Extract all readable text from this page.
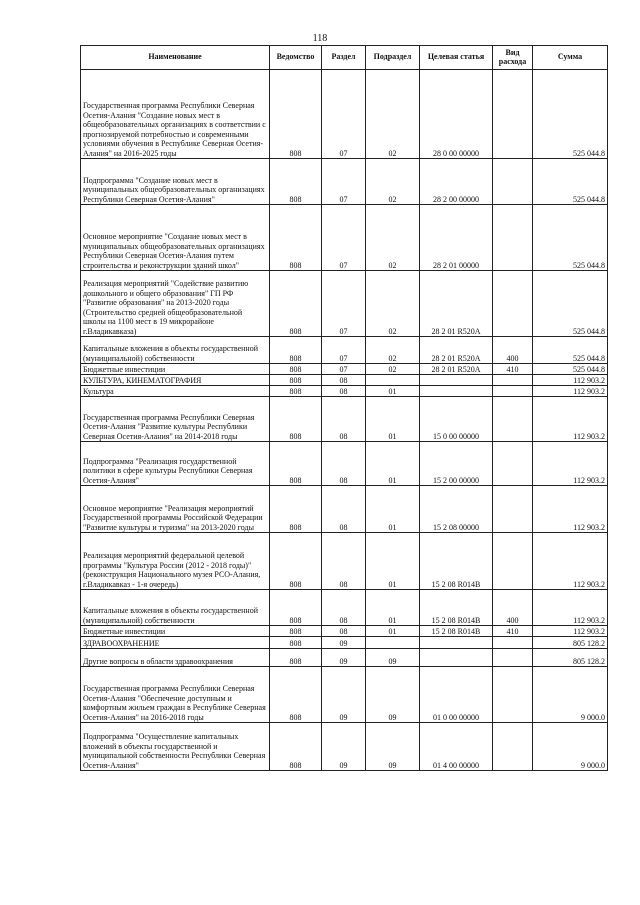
118
Наименование	Ведомство	Раздел	Подраздел	Целевая статья	Вид расхода	Сумма
Государственная программа Республики Северная Осетия-Алания "Создание новых мест в общеобразовательных организациях в соответствии с прогнозируемой потребностью и современными условиями обучения в Республике Северная Осетия-Алания" на 2016-2025 годы	808	07	02	28 0 00 00000		525 044.8
Подпрограмма "Создание новых мест в муниципальных общеобразовательных организациях Республики Северная Осетия-Алания"	808	07	02	28 2 00 00000		525 044.8
Основное мероприятие "Создание новых мест в муниципальных общеобразовательных организациях Республики Северная Осетия-Алания путем строительства и реконструкции зданий школ"	808	07	02	28 2 01 00000		525 044.8
Реализация мероприятий "Содействие развитию дошкольного и общего образования" ГП РФ "Развитие образования" на 2013-2020 годы (Строительство средней общеобразовательной школы на 1100 мест в 19 микрорайоне г.Владикавказа)	808	07	02	28 2 01 R520A		525 044.8
Капитальные вложения в объекты государственной (муниципальной) собственности	808	07	02	28 2 01 R520A	400	525 044.8
Бюджетные инвестиции	808	07	02	28 2 01 R520A	410	525 044.8
КУЛЬТУРА, КИНЕМАТОГРАФИЯ	808	08				112 903.2
Культура	808	08	01			112 903.2
Государственная программа Республики Северная Осетия-Алания "Развитие культуры Республики Северная Осетия-Алания" на 2014-2018 годы	808	08	01	15 0 00 00000		112 903.2
Подпрограмма "Реализация государственной политики в сфере культуры Республики Северная Осетия-Алания"	808	08	01	15 2 00 00000		112 903.2
Основное мероприятие "Реализация мероприятий Государственной программы Российской Федерации "Развитие культуры и туризма" на 2013-2020 годы	808	08	01	15 2 08 00000		112 903.2
Реализация мероприятий федеральной целевой программы "Культура России (2012 - 2018 годы)" (реконструкция Национального музея РСО-Алания, г.Владикавказ - 1-я очередь)	808	08	01	15 2 08 R014B		112 903.2
Капитальные вложения в объекты государственной (муниципальной) собственности	808	08	01	15 2 08 R014B	400	112 903.2
Бюджетные инвестиции	808	08	01	15 2 08 R014B	410	112 903.2
ЗДРАВООХРАНЕНИЕ	808	09				805 128.2
Другие вопросы в области здравоохранения	808	09	09			805 128.2
Государственная программа Республики Северная Осетия-Алания "Обеспечение доступным и комфортным жильем граждан в Республике Северная Осетия-Алания" на 2016-2018 годы	808	09	09	01 0 00 00000		9 000.0
Подпрограмма "Осуществление капитальных вложений в объекты государственной и муниципальной собственности Республики Северная Осетия-Алания"	808	09	09	01 4 00 00000		9 000.0
